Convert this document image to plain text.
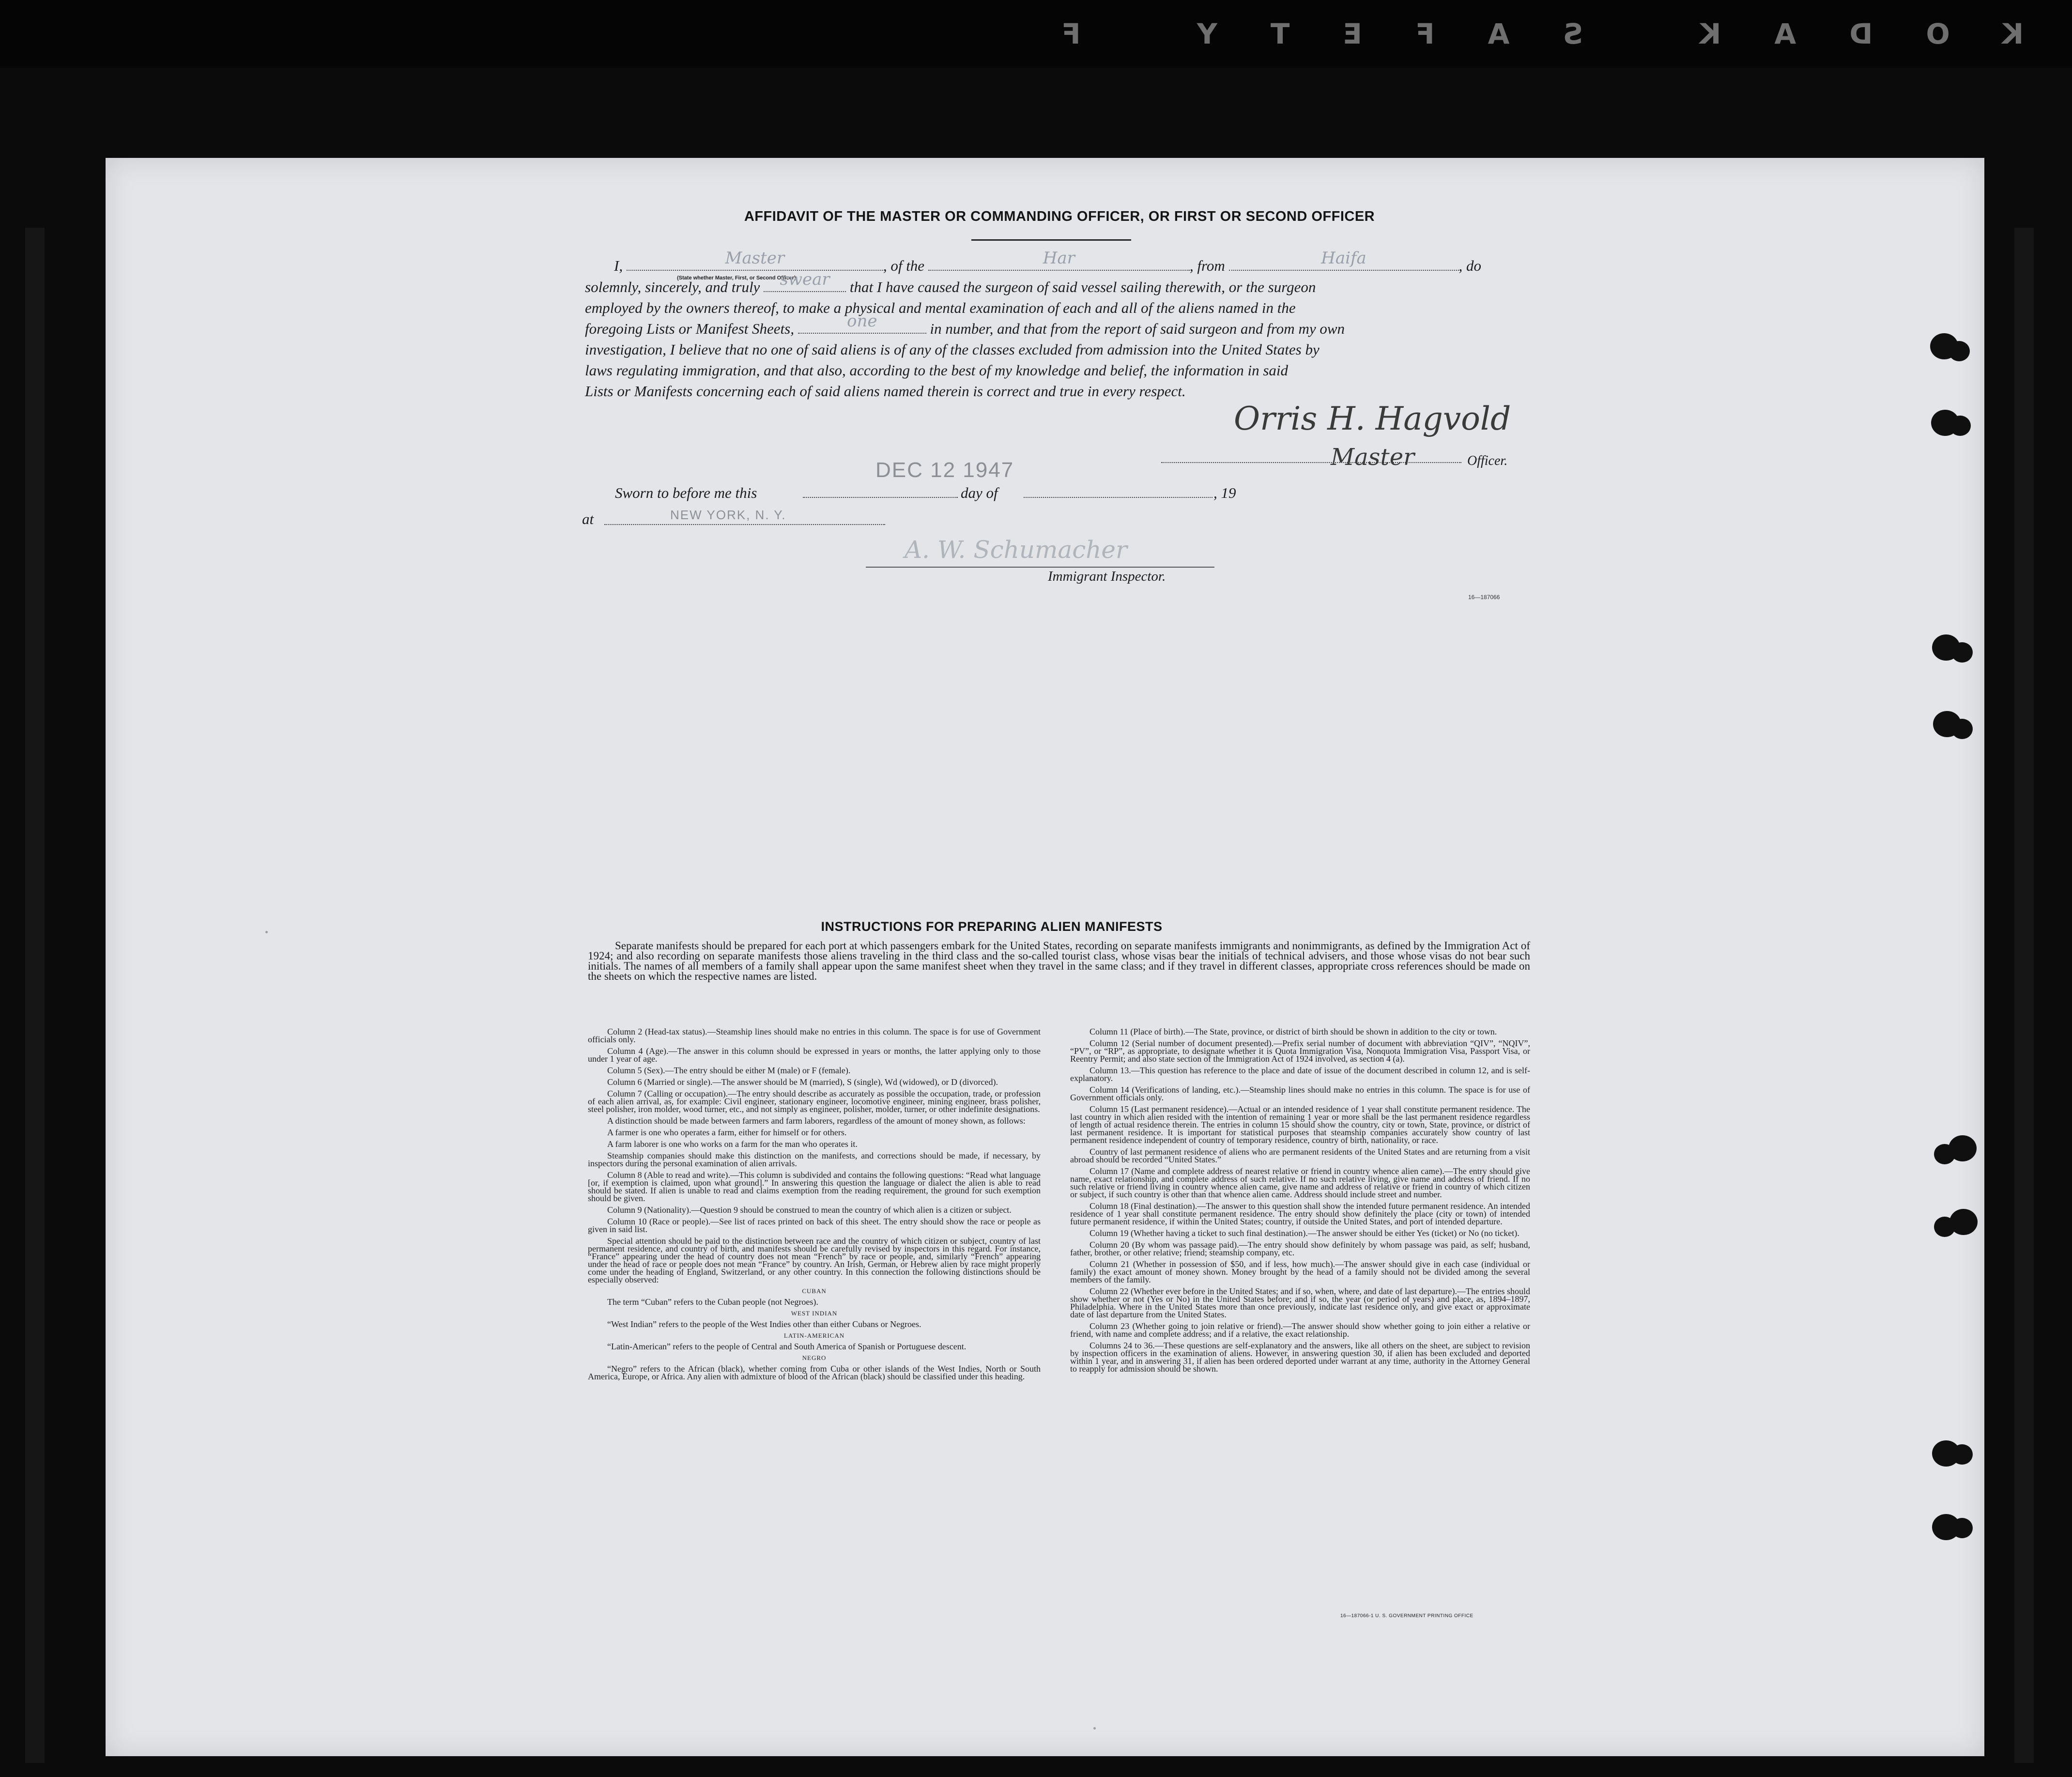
KODAK SAFETY F
AFFIDAVIT OF THE MASTER OR COMMANDING OFFICER, OR FIRST OR SECOND OFFICER
I,	Master	, of the	Har	, from	Haifa	, do
(State whether Master, First, or Second Officer)
solemnly, sincerely, and truly	swear	that I have caused the surgeon of said vessel sailing therewith, or the surgeon
employed by the owners thereof, to make a physical and mental examination of each and all of the aliens named in the
foregoing Lists or Manifest Sheets,	one	in number, and that from the report of said surgeon and from my own
investigation, I believe that no one of said aliens is of any of the classes excluded from admission into the United States by
laws regulating immigration, and that also, according to the best of my knowledge and belief, the information in said
Lists or Manifests concerning each of said aliens named therein is correct and true in every respect.
Orris H. Hagvold
Master	Officer.
DEC 12 1947
Sworn to before me this	day of	, 19
at	NEW YORK, N. Y.
A. W. Schumacher
Immigrant Inspector.
16—187066
INSTRUCTIONS FOR PREPARING ALIEN MANIFESTS
Separate manifests should be prepared for each port at which passengers embark for the United States, recording on separate manifests immigrants and nonimmigrants, as defined by the Immigration Act of 1924; and also recording on separate manifests those aliens traveling in the third class and the so-called tourist class, whose visas bear the initials of technical advisers, and those whose visas do not bear such initials. The names of all members of a family shall appear upon the same manifest sheet when they travel in the same class; and if they travel in different classes, appropriate cross references should be made on the sheets on which the respective names are listed.

Column 2 (Head-tax status).—Steamship lines should make no entries in this column. The space is for use of Government officials only.

Column 4 (Age).—The answer in this column should be expressed in years or months, the latter applying only to those under 1 year of age.

Column 5 (Sex).—The entry should be either M (male) or F (female).

Column 6 (Married or single).—The answer should be M (married), S (single), Wd (widowed), or D (divorced).

Column 7 (Calling or occupation).—The entry should describe as accurately as possible the occupation, trade, or profession of each alien arrival, as, for example: Civil engineer, stationary engineer, locomotive engineer, mining engineer, brass polisher, steel polisher, iron molder, wood turner, etc., and not simply as engineer, polisher, molder, turner, or other indefinite designations.

A distinction should be made between farmers and farm laborers, regardless of the amount of money shown, as follows:

A farmer is one who operates a farm, either for himself or for others.

A farm laborer is one who works on a farm for the man who operates it.

Steamship companies should make this distinction on the manifests, and corrections should be made, if necessary, by inspectors during the personal examination of alien arrivals.

Column 8 (Able to read and write).—This column is subdivided and contains the following questions: “Read what language [or, if exemption is claimed, upon what ground].” In answering this question the language or dialect the alien is able to read should be stated. If alien is unable to read and claims exemption from the reading requirement, the ground for such exemption should be given.

Column 9 (Nationality).—Question 9 should be construed to mean the country of which alien is a citizen or subject.

Column 10 (Race or people).—See list of races printed on back of this sheet. The entry should show the race or people as given in said list.

Special attention should be paid to the distinction between race and the country of which citizen or subject, country of last permanent residence, and country of birth, and manifests should be carefully revised by inspectors in this regard. For instance, “France” appearing under the head of country does not mean “French” by race or people, and, similarly “French” appearing under the head of race or people does not mean “France” by country. An Irish, German, or Hebrew alien by race might properly come under the heading of England, Switzerland, or any other country. In this connection the following distinctions should be especially observed:

CUBAN

The term “Cuban” refers to the Cuban people (not Negroes).

WEST INDIAN

“West Indian” refers to the people of the West Indies other than either Cubans or Negroes.

LATIN-AMERICAN

“Latin-American” refers to the people of Central and South America of Spanish or Portuguese descent.

NEGRO

“Negro” refers to the African (black), whether coming from Cuba or other islands of the West Indies, North or South America, Europe, or Africa. Any alien with admixture of blood of the African (black) should be classified under this heading.

Column 11 (Place of birth).—The State, province, or district of birth should be shown in addition to the city or town.

Column 12 (Serial number of document presented).—Prefix serial number of document with abbreviation “QIV”, “NQIV”, “PV”, or “RP”, as appropriate, to designate whether it is Quota Immigration Visa, Nonquota Immigration Visa, Passport Visa, or Reentry Permit; and also state section of the Immigration Act of 1924 involved, as section 4 (a).

Column 13.—This question has reference to the place and date of issue of the document described in column 12, and is self-explanatory.

Column 14 (Verifications of landing, etc.).—Steamship lines should make no entries in this column. The space is for use of Government officials only.

Column 15 (Last permanent residence).—Actual or an intended residence of 1 year shall constitute permanent residence. The last country in which alien resided with the intention of remaining 1 year or more shall be the last permanent residence regardless of length of actual residence therein. The entries in column 15 should show the country, city or town, State, province, or district of last permanent residence. It is important for statistical purposes that steamship companies accurately show country of last permanent residence independent of country of temporary residence, country of birth, nationality, or race.

Country of last permanent residence of aliens who are permanent residents of the United States and are returning from a visit abroad should be recorded “United States.”

Column 17 (Name and complete address of nearest relative or friend in country whence alien came).—The entry should give name, exact relationship, and complete address of such relative. If no such relative living, give name and address of friend. If no such relative or friend living in country whence alien came, give name and address of relative or friend in country of which citizen or subject, if such country is other than that whence alien came. Address should include street and number.

Column 18 (Final destination).—The answer to this question shall show the intended future permanent residence. An intended residence of 1 year shall constitute permanent residence. The entry should show definitely the place (city or town) of intended future permanent residence, if within the United States; country, if outside the United States, and port of intended departure.

Column 19 (Whether having a ticket to such final destination).—The answer should be either Yes (ticket) or No (no ticket).

Column 20 (By whom was passage paid).—The entry should show definitely by whom passage was paid, as self; husband, father, brother, or other relative; friend; steamship company, etc.

Column 21 (Whether in possession of $50, and if less, how much).—The answer should give in each case (individual or family) the exact amount of money shown. Money brought by the head of a family should not be divided among the several members of the family.

Column 22 (Whether ever before in the United States; and if so, when, where, and date of last departure).—The entries should show whether or not (Yes or No) in the United States before; and if so, the year (or period of years) and place, as, 1894–1897, Philadelphia. Where in the United States more than once previously, indicate last residence only, and give exact or approximate date of last departure from the United States.

Column 23 (Whether going to join relative or friend).—The answer should show whether going to join either a relative or friend, with name and complete address; and if a relative, the exact relationship.

Columns 24 to 36.—These questions are self-explanatory and the answers, like all others on the sheet, are subject to revision by inspection officers in the examination of aliens. However, in answering question 30, if alien has been excluded and deported within 1 year, and in answering 31, if alien has been ordered deported under warrant at any time, authority in the Attorney General to reapply for admission should be shown.

16—187066-1 U. S. GOVERNMENT PRINTING OFFICE
